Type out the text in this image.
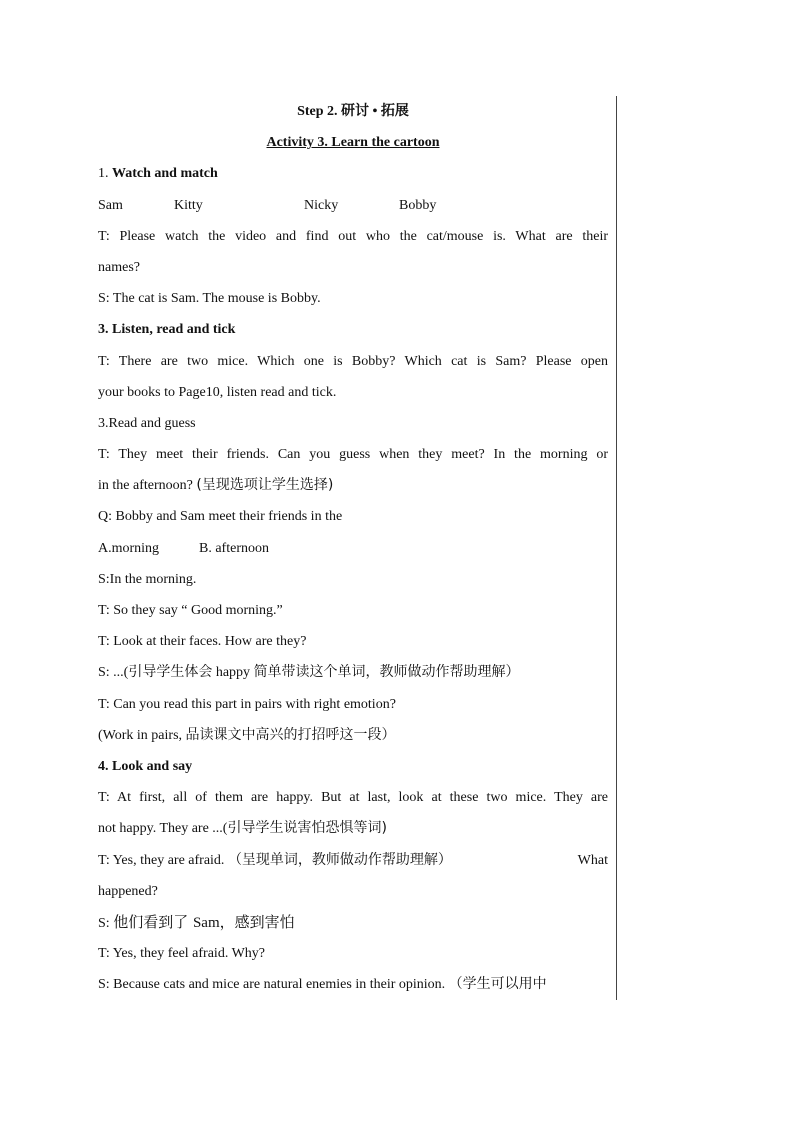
Step 2. 研讨 • 拓展
Activity 3. Learn the cartoon
1. Watch and match
Sam	Kitty	Nicky	Bobby
T: Please watch the video and find out who the cat/mouse is. What are their
names?
S: The cat is Sam. The mouse is Bobby.
3. Listen, read and tick
T: There are two mice. Which one is Bobby? Which cat is Sam? Please open
your books to Page10, listen read and tick.
3.Read and guess
T: They meet their friends. Can you guess when they meet? In the morning or
in the afternoon? (呈现选项让学生选择)
Q: Bobby and Sam meet their friends in the
A.morning	B. afternoon
S:In the morning.
T: So they say “ Good morning.”
T: Look at their faces. How are they?
S: ...(引导学生体会 happy 简单带读这个单词，教师做动作帮助理解）
T: Can you read this part in pairs with right emotion?
(Work in pairs, 品读课文中高兴的打招呼这一段）
4. Look and say
T: At first, all of them are happy. But at last, look at these two mice. They are
not happy. They are ...(引导学生说害怕恐惧等词)
T: Yes, they are afraid. （呈现单词，教师做动作帮助理解）	What
happened?
S: 他们看到了 Sam，感到害怕
T: Yes, they feel afraid. Why?
S: Because cats and mice are natural enemies in their opinion. （学生可以用中
